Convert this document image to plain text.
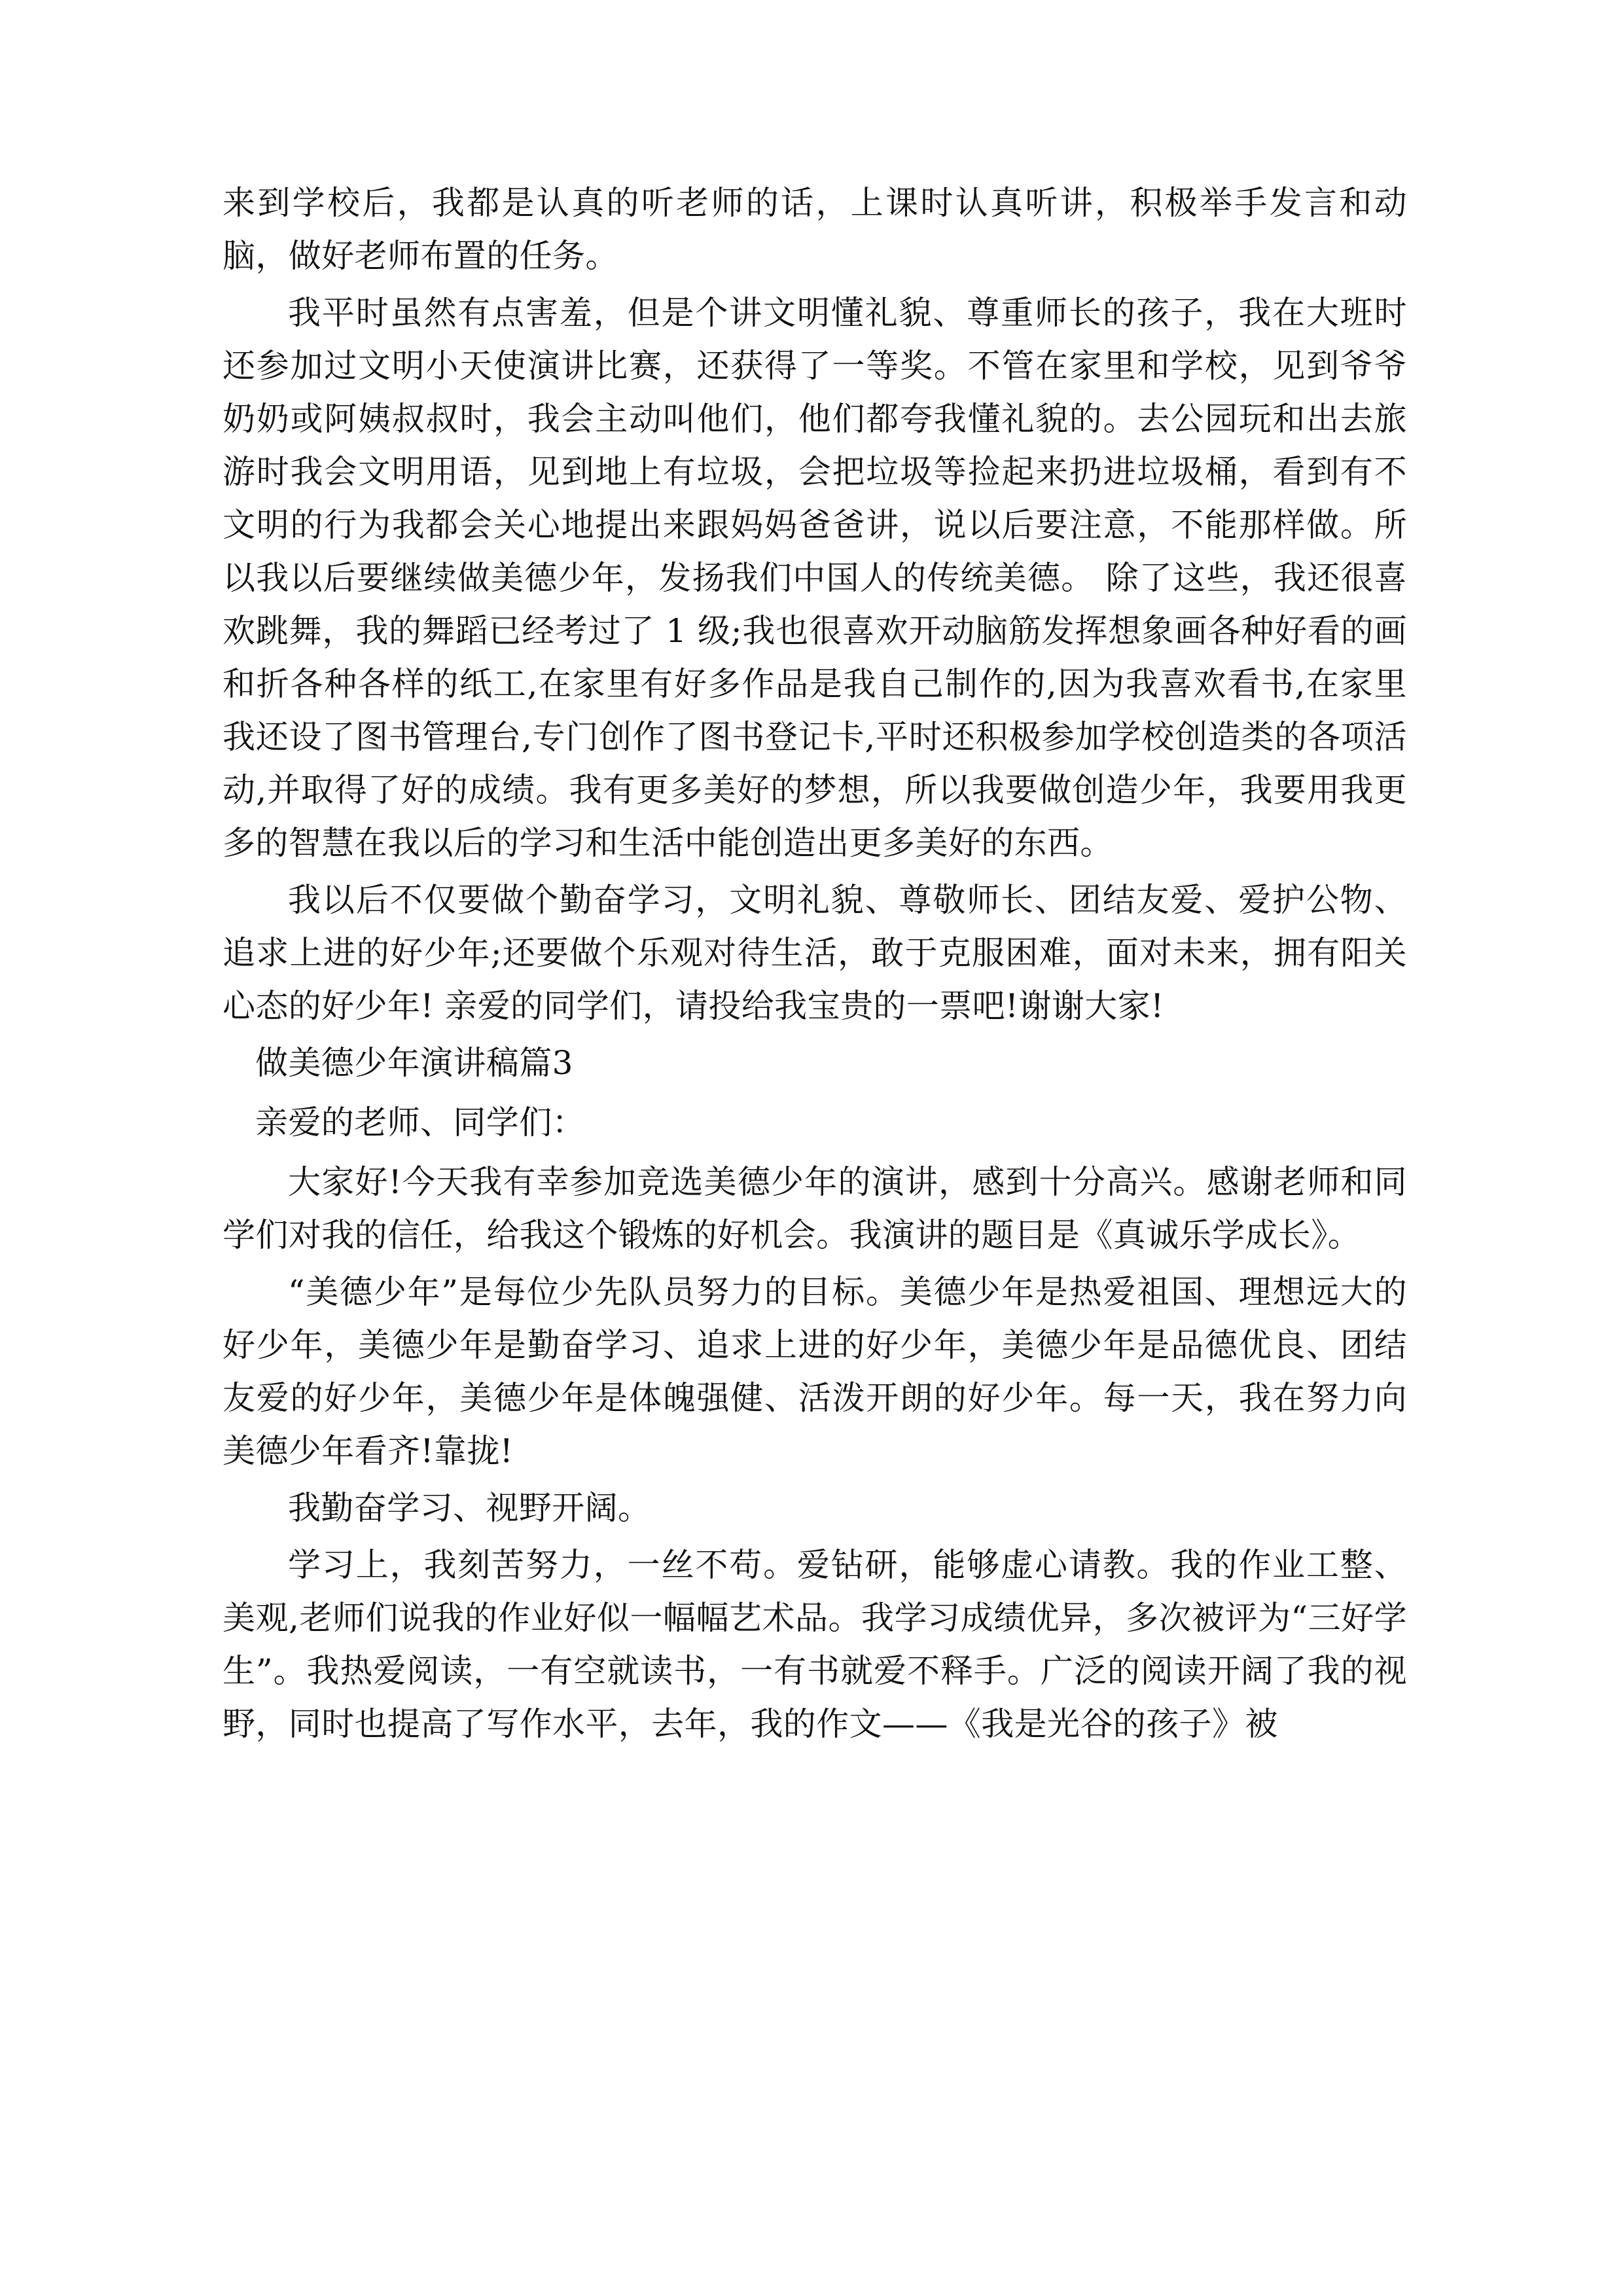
来到学校后，我都是认真的听老师的话，上课时认真听讲，积极举手发言和动脑，做好老师布置的任务。

我平时虽然有点害羞，但是个讲文明懂礼貌、尊重师长的孩子，我在大班时还参加过文明小天使演讲比赛，还获得了一等奖。不管在家里和学校，见到爷爷奶奶或阿姨叔叔时，我会主动叫他们，他们都夸我懂礼貌的。去公园玩和出去旅游时我会文明用语，见到地上有垃圾，会把垃圾等捡起来扔进垃圾桶，看到有不文明的行为我都会关心地提出来跟妈妈爸爸讲，说以后要注意，不能那样做。所以我以后要继续做美德少年，发扬我们中国人的传统美德。 除了这些，我还很喜欢跳舞，我的舞蹈已经考过了 1 级;我也很喜欢开动脑筋发挥想象画各种好看的画和折各种各样的纸工,在家里有好多作品是我自己制作的,因为我喜欢看书,在家里我还设了图书管理台,专门创作了图书登记卡,平时还积极参加学校创造类的各项活动,并取得了好的成绩。我有更多美好的梦想，所以我要做创造少年，我要用我更多的智慧在我以后的学习和生活中能创造出更多美好的东西。

我以后不仅要做个勤奋学习，文明礼貌、尊敬师长、团结友爱、爱护公物、追求上进的好少年;还要做个乐观对待生活，敢于克服困难，面对未来，拥有阳关心态的好少年! 亲爱的同学们，请投给我宝贵的一票吧!谢谢大家!

做美德少年演讲稿篇3

亲爱的老师、同学们：

大家好!今天我有幸参加竞选美德少年的演讲，感到十分高兴。感谢老师和同学们对我的信任，给我这个锻炼的好机会。我演讲的题目是《真诚乐学成长》。

“美德少年”是每位少先队员努力的目标。美德少年是热爱祖国、理想远大的好少年，美德少年是勤奋学习、追求上进的好少年，美德少年是品德优良、团结友爱的好少年，美德少年是体魄强健、活泼开朗的好少年。每一天，我在努力向美德少年看齐!靠拢!

我勤奋学习、视野开阔。

学习上，我刻苦努力，一丝不苟。爱钻研，能够虚心请教。我的作业工整、美观,老师们说我的作业好似一幅幅艺术品。我学习成绩优异，多次被评为“三好学生”。我热爱阅读，一有空就读书，一有书就爱不释手。广泛的阅读开阔了我的视野，同时也提高了写作水平，去年，我的作文——《我是光谷的孩子》被
